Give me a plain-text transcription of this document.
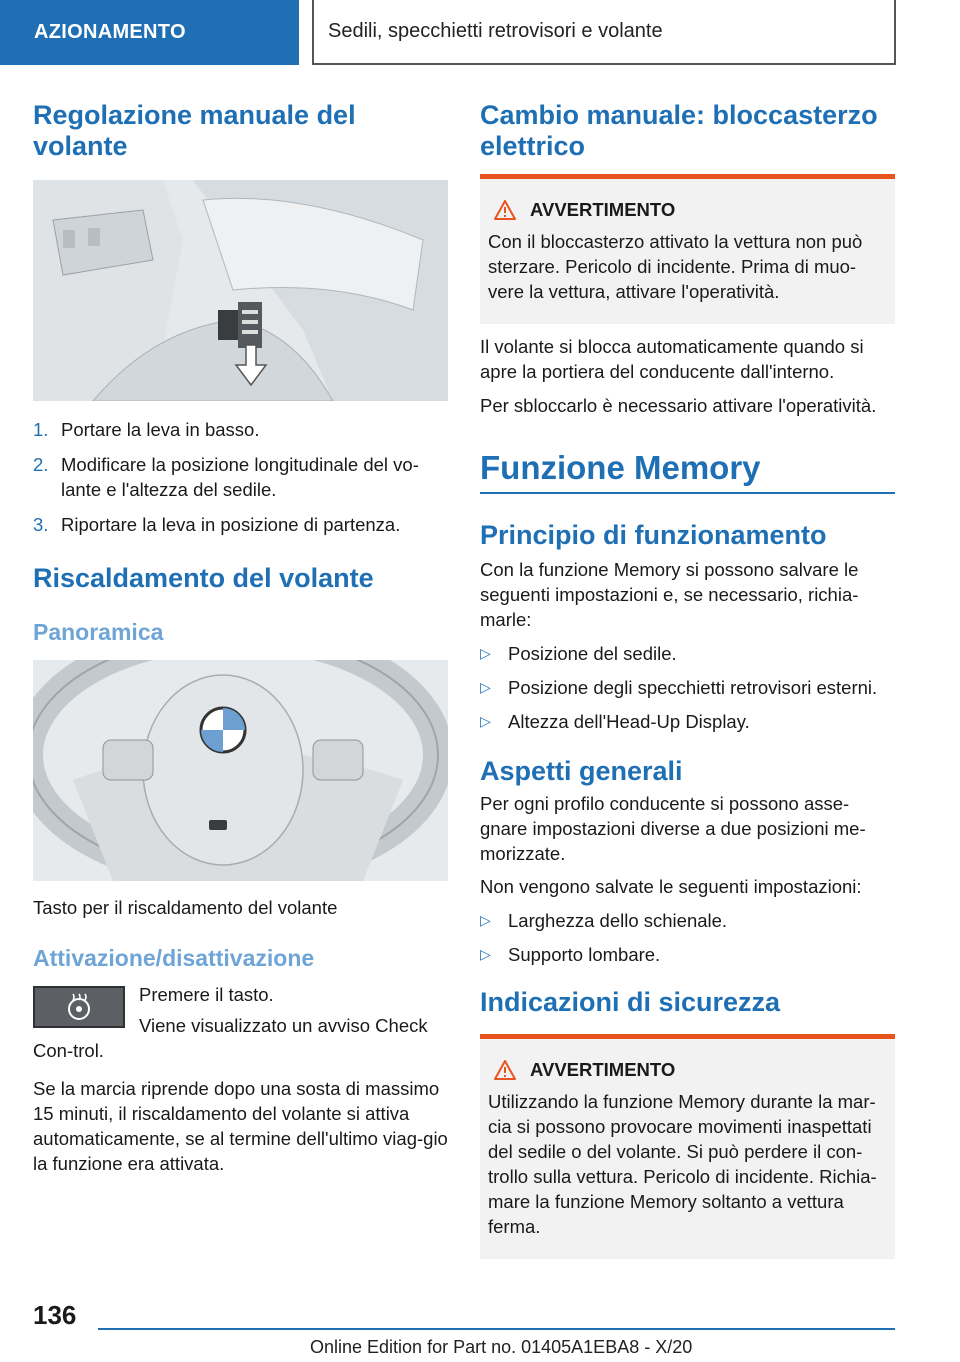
AZIONAMENTO	Sedili, specchietti retrovisori e volante
Regolazione manuale del volante
1. Portare la leva in basso.
2. Modificare la posizione longitudinale del vo-lante e l'altezza del sedile.
3. Riportare la leva in posizione di partenza.
Riscaldamento del volante
Panoramica

Tasto per il riscaldamento del volante

Attivazione/disattivazione

Premere il tasto.

Viene visualizzato un avviso Check Con-trol.

Se la marcia riprende dopo una sosta di massimo 15 minuti, il riscaldamento del volante si attiva automaticamente, se al termine dell'ultimo viag-gio la funzione era attivata.

Cambio manuale: bloccasterzo elettrico
AVVERTIMENTO

Con il bloccasterzo attivato la vettura non può sterzare. Pericolo di incidente. Prima di muo-vere la vettura, attivare l'operatività.

Il volante si blocca automaticamente quando si apre la portiera del conducente dall'interno.

Per sbloccarlo è necessario attivare l'operatività.

Funzione Memory
Principio di funzionamento

Con la funzione Memory si possono salvare le seguenti impostazioni e, se necessario, richia-marle:

▷ Posizione del sedile.
▷ Posizione degli specchietti retrovisori esterni.
▷ Altezza dell'Head-Up Display.
Aspetti generali

Per ogni profilo conducente si possono asse-gnare impostazioni diverse a due posizioni me-morizzate.

Non vengono salvate le seguenti impostazioni:

▷ Larghezza dello schienale.
▷ Supporto lombare.
Indicazioni di sicurezza
AVVERTIMENTO

Utilizzando la funzione Memory durante la mar-cia si possono provocare movimenti inaspettati del sedile o del volante. Si può perdere il con-trollo sulla vettura. Pericolo di incidente. Richia-mare la funzione Memory soltanto a vettura ferma.

136
Online Edition for Part no. 01405A1EBA8 - X/20
